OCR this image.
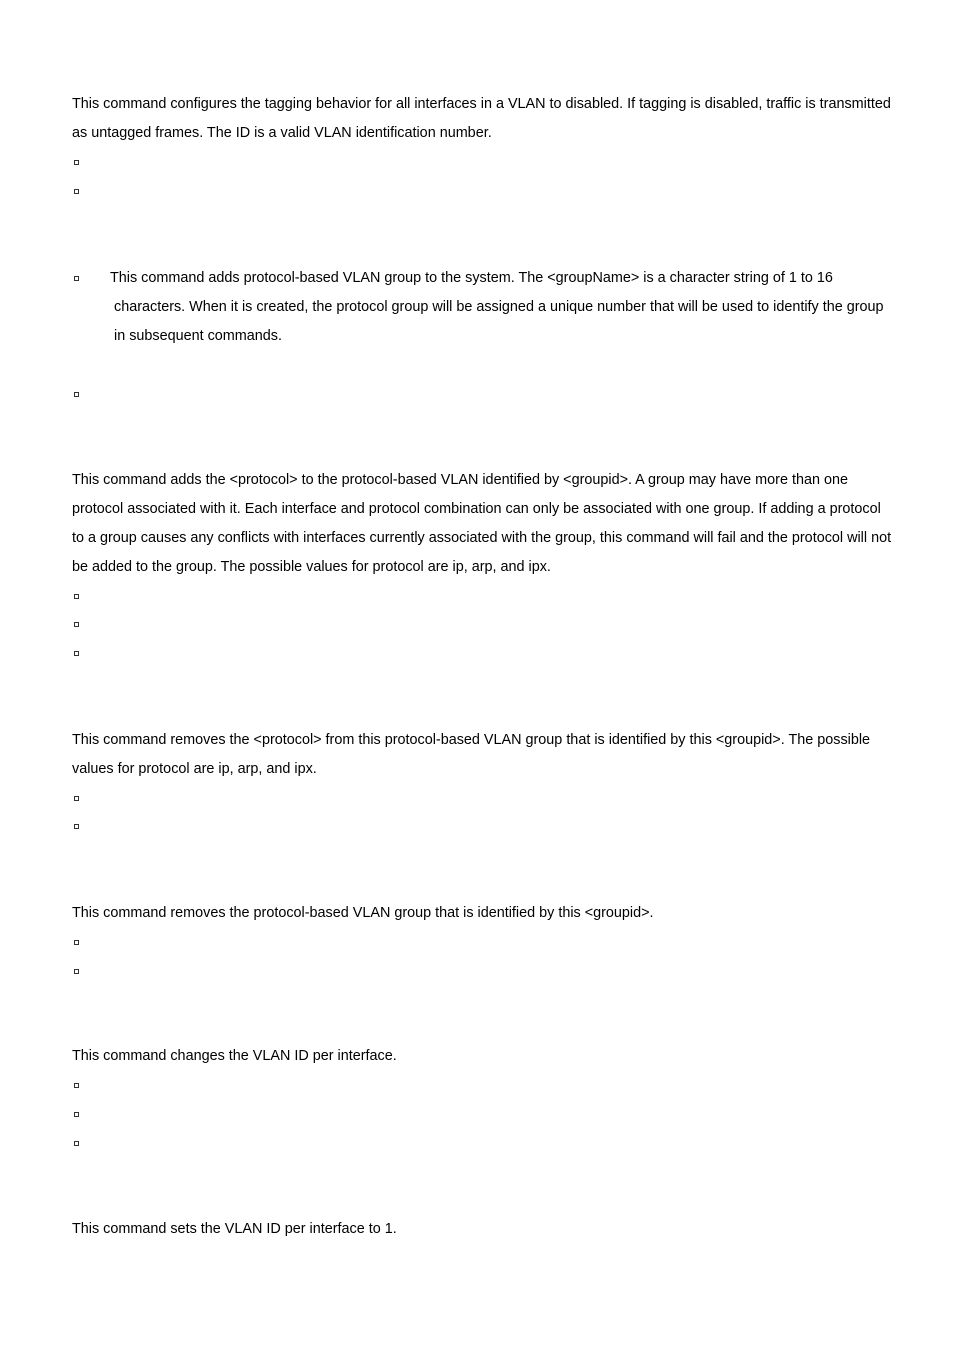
This command configures the tagging behavior for all interfaces in a VLAN to disabled. If tagging is disabled, traffic is transmitted as untagged frames. The ID is a valid VLAN identification number.

This command adds protocol-based VLAN group to the system. The <groupName> is a character string of 1 to 16
characters. When it is created, the protocol group will be assigned a unique number that will be used to identify the group
in subsequent commands.

This command adds the <protocol> to the protocol-based VLAN identified by <groupid>. A group may have more than one protocol associated with it. Each interface and protocol combination can only be associated with one group. If adding a protocol to a group causes any conflicts with interfaces currently associated with the group, this command will fail and the protocol will not be added to the group. The possible values for protocol are ip, arp, and ipx.

This command removes the <protocol> from this protocol-based VLAN group that is identified by this <groupid>. The possible values for protocol are ip, arp, and ipx.

This command removes the protocol-based VLAN group that is identified by this <groupid>.

This command changes the VLAN ID per interface.

This command sets the VLAN ID per interface to 1.
